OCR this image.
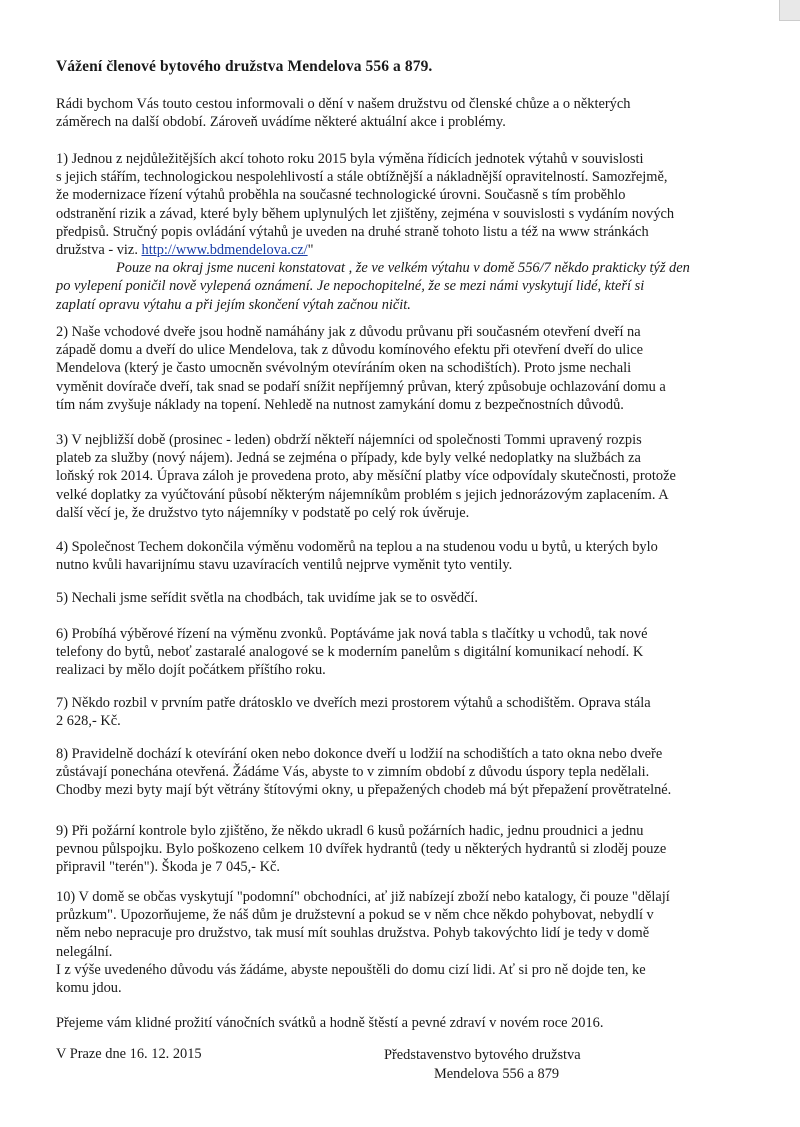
Vážení členové bytového družstva Mendelova 556 a 879.
Rádi bychom Vás touto cestou informovali o dění v našem družstvu od členské chůze a o některých
záměrech na další období. Zároveň uvádíme některé aktuální akce i problémy.
1) Jednou z nejdůležitějších akcí tohoto roku 2015 byla výměna řídicích jednotek výtahů v souvislosti
s jejich stářím, technologickou nespolehlivostí a stále obtížnější a nákladnější opravitelností. Samozřejmě,
že modernizace řízení výtahů proběhla na současné technologické úrovni. Současně s tím proběhlo
odstranění rizik a závad, které byly během uplynulých let zjištěny, zejména v souvislosti s vydáním nových
předpisů. Stručný popis ovládání výtahů je uveden na druhé straně tohoto listu a též na www stránkách
družstva - viz. http://www.bdmendelova.cz/"
Pouze na okraj jsme nuceni konstatovat , že ve velkém výtahu v domě 556/7 někdo prakticky týž den
po vylepení poničil nově vylepená oznámení. Je nepochopitelné, že se mezi námi vyskytují lidé, kteří si
zaplatí opravu výtahu a při jejím skončení výtah začnou ničit.
2) Naše vchodové dveře jsou hodně namáhány jak z důvodu průvanu při současném otevření dveří na
západě domu a dveří do ulice Mendelova, tak z důvodu komínového efektu při otevření dveří do ulice
Mendelova (který je často umocněn svévolným otevíráním oken na schodištích). Proto jsme nechali
vyměnit dovírače dveří, tak snad se podaří snížit nepříjemný průvan, který způsobuje ochlazování domu a
tím nám zvyšuje náklady na topení. Nehledě na nutnost zamykání domu z bezpečnostních důvodů.
3) V nejbližší době (prosinec - leden) obdrží někteří nájemníci od společnosti Tommi upravený rozpis
plateb za služby (nový nájem). Jedná se zejména o případy, kde byly velké nedoplatky na službách za
loňský rok 2014. Úprava záloh je provedena proto, aby měsíční platby více odpovídaly skutečnosti, protože
velké doplatky za vyúčtování působí některým nájemníkům problém s jejich jednorázovým zaplacením. A
další věcí je, že družstvo tyto nájemníky v podstatě po celý rok úvěruje.
4) Společnost Techem dokončila výměnu vodoměrů na teplou a na studenou vodu u bytů, u kterých bylo
nutno kvůli havarijnímu stavu uzavíracích ventilů nejprve vyměnit tyto ventily.
5) Nechali jsme seřídit světla na chodbách, tak uvidíme jak se to osvědčí.
6) Probíhá výběrové řízení na výměnu zvonků. Poptáváme jak nová tabla s tlačítky u vchodů, tak nové
telefony do bytů, neboť zastaralé analogové se k moderním panelům s digitální komunikací nehodí. K
realizaci by mělo dojít počátkem příštího roku.
7) Někdo rozbil v prvním patře drátosklo ve dveřích mezi prostorem výtahů a schodištěm. Oprava stála
2 628,- Kč.
8) Pravidelně dochází k otevírání oken nebo dokonce dveří u lodžií na schodištích a tato okna nebo dveře
zůstávají ponechána otevřená. Žádáme Vás, abyste to v zimním období z důvodu úspory tepla nedělali.
Chodby mezi byty mají být větrány štítovými okny, u přepažených chodeb má být přepažení provětratelné.
9) Při požární kontrole bylo zjištěno, že někdo ukradl 6 kusů požárních hadic, jednu proudnici a jednu
pevnou půlspojku. Bylo poškozeno celkem 10 dvířek hydrantů (tedy u některých hydrantů si zloděj pouze
připravil "terén"). Škoda je 7 045,- Kč.
10) V domě se občas vyskytují "podomní" obchodníci, ať již nabízejí zboží nebo katalogy, či pouze "dělají
průzkum". Upozorňujeme, že náš dům je družstevní a pokud se v něm chce někdo pohybovat, nebydlí v
něm nebo nepracuje pro družstvo, tak musí mít souhlas družstva. Pohyb takovýchto lidí je tedy v domě
nelegální.
I z výše uvedeného důvodu vás žádáme, abyste nepouštěli do domu cizí lidi. Ať si pro ně dojde ten, ke
komu jdou.
Přejeme vám klidné prožití vánočních svátků a hodně štěstí a pevné zdraví v novém roce 2016.
V Praze dne 16. 12. 2015	Představenstvo bytového družstva
Mendelova 556 a 879
